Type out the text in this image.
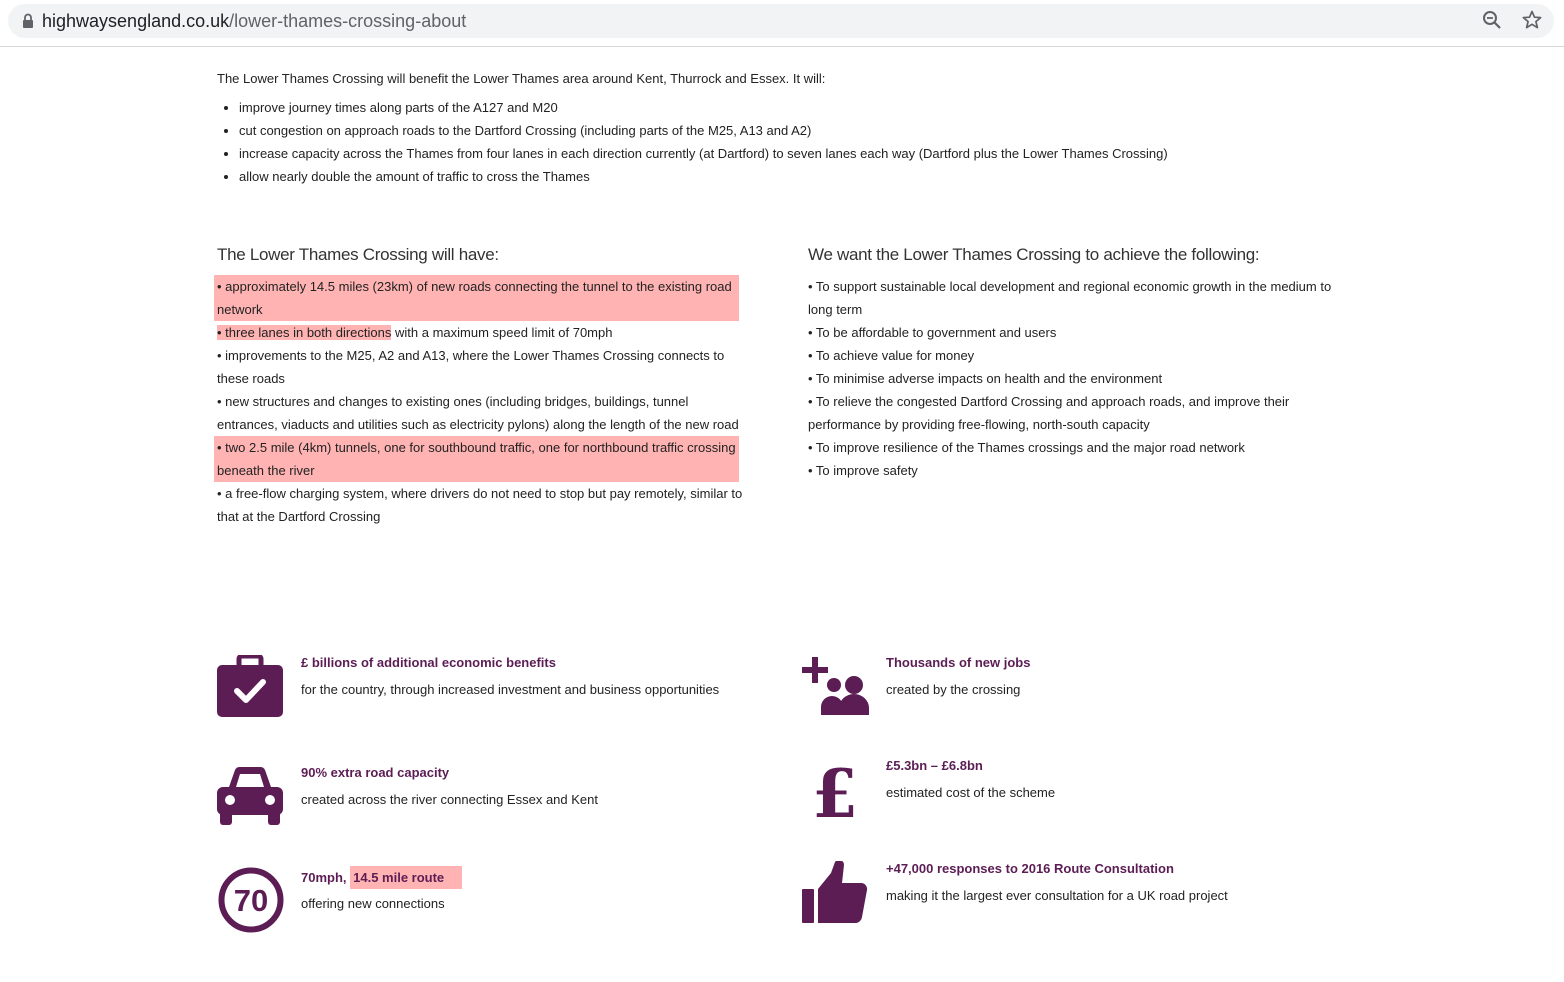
highwaysengland.co.uk/lower-thames-crossing-about

The Lower Thames Crossing will benefit the Lower Thames area around Kent, Thurrock and Essex. It will:

• improve journey times along parts of the A127 and M20
• cut congestion on approach roads to the Dartford Crossing (including parts of the M25, A13 and A2)
• increase capacity across the Thames from four lanes in each direction currently (at Dartford) to seven lanes each way (Dartford plus the Lower Thames Crossing)
• allow nearly double the amount of traffic to cross the Thames
The Lower Thames Crossing will have:
• approximately 14.5 miles (23km) of new roads connecting the tunnel to the existing road network
• three lanes in both directions with a maximum speed limit of 70mph
• improvements to the M25, A2 and A13, where the Lower Thames Crossing connects to these roads
• new structures and changes to existing ones (including bridges, buildings, tunnel entrances, viaducts and utilities such as electricity pylons) along the length of the new road
• two 2.5 mile (4km) tunnels, one for southbound traffic, one for northbound traffic crossing beneath the river
• a free-flow charging system, where drivers do not need to stop but pay remotely, similar to that at the Dartford Crossing
We want the Lower Thames Crossing to achieve the following:
• To support sustainable local development and regional economic growth in the medium to long term
• To be affordable to government and users
• To achieve value for money
• To minimise adverse impacts on health and the environment
• To relieve the congested Dartford Crossing and approach roads, and improve their performance by providing free-flowing, north-south capacity
• To improve resilience of the Thames crossings and the major road network
• To improve safety
£ billions of additional economic benefits
for the country, through increased investment and business opportunities
90% extra road capacity
created across the river connecting Essex and Kent
70
70mph, 14.5 mile route
offering new connections
Thousands of new jobs
created by the crossing
£ £5.3bn – £6.8bn
estimated cost of the scheme
+47,000 responses to 2016 Route Consultation
making it the largest ever consultation for a UK road project
